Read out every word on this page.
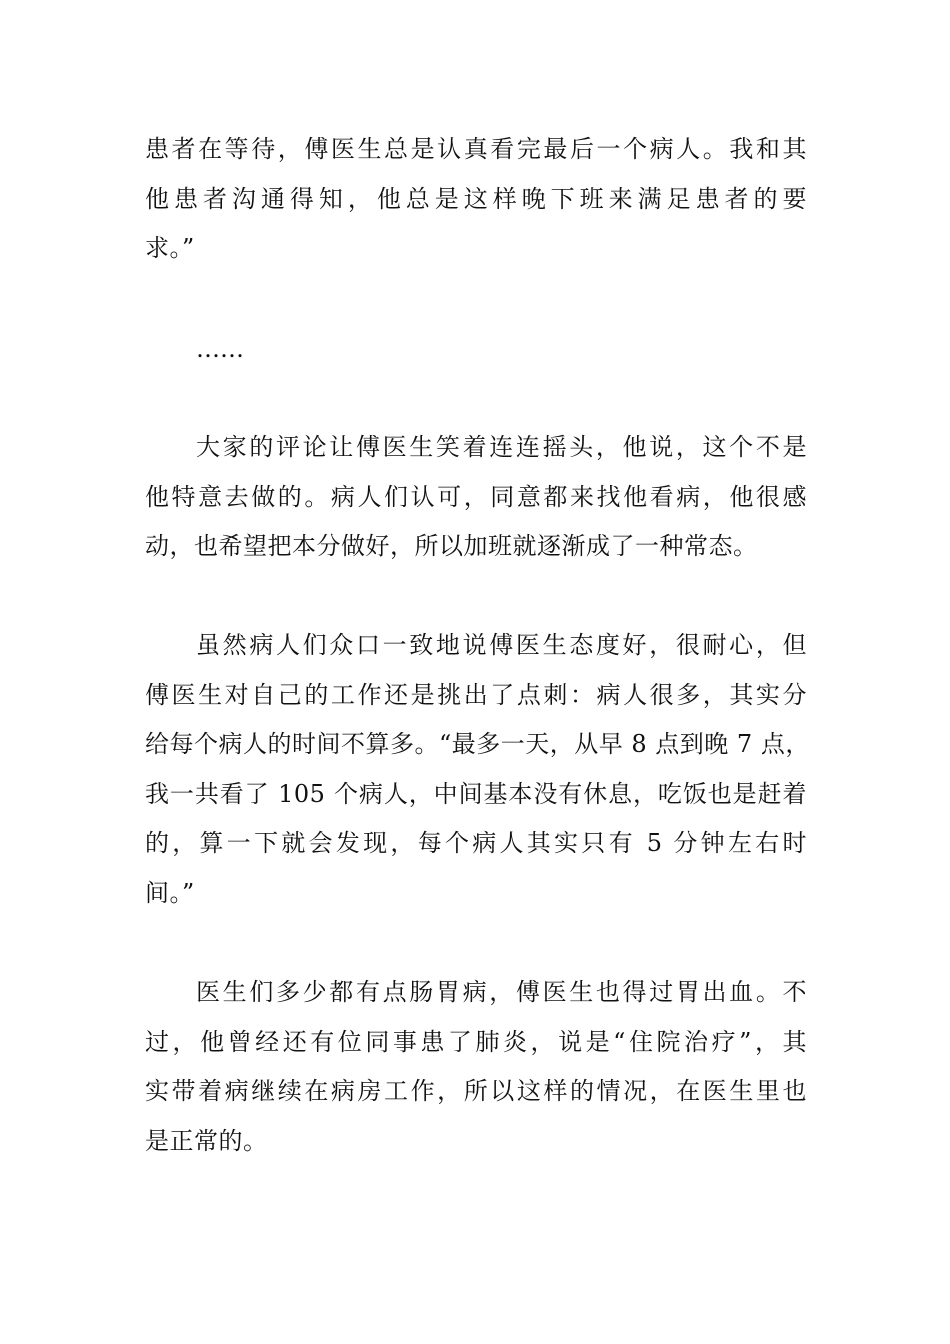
患者在等待，傅医生总是认真看完最后一个病人。我和其
他患者沟通得知，他总是这样晚下班来满足患者的要
求。”
……
大家的评论让傅医生笑着连连摇头，他说，这个不是
他特意去做的。病人们认可，同意都来找他看病，他很感
动，也希望把本分做好，所以加班就逐渐成了一种常态。
虽然病人们众口一致地说傅医生态度好，很耐心，但
傅医生对自己的工作还是挑出了点刺：病人很多，其实分
给每个病人的时间不算多。“最多一天，从早 8 点到晚 7 点，
我一共看了 105 个病人，中间基本没有休息，吃饭也是赶着
的，算一下就会发现，每个病人其实只有 5 分钟左右时
间。”
医生们多少都有点肠胃病，傅医生也得过胃出血。不
过，他曾经还有位同事患了肺炎，说是“住院治疗”，其
实带着病继续在病房工作，所以这样的情况，在医生里也
是正常的。
